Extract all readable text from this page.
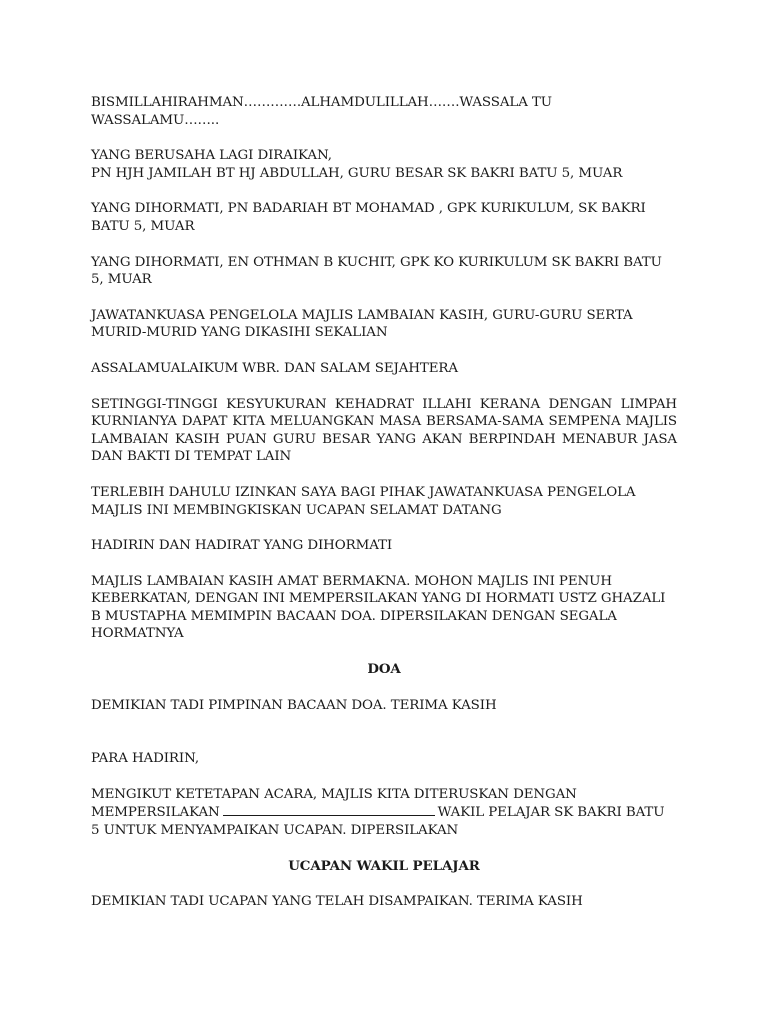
BISMILLAHIRAHMAN………….ALHAMDULILLAH…….WASSALA TU WASSALAMU……..

YANG BERUSAHA LAGI DIRAIKAN,
PN HJH JAMILAH BT HJ ABDULLAH, GURU BESAR SK BAKRI BATU 5, MUAR

YANG DIHORMATI, PN BADARIAH BT MOHAMAD , GPK KURIKULUM, SK BAKRI BATU 5, MUAR

YANG DIHORMATI, EN OTHMAN B KUCHIT, GPK KO KURIKULUM SK BAKRI BATU 5, MUAR

JAWATANKUASA PENGELOLA MAJLIS LAMBAIAN KASIH, GURU-GURU SERTA MURID-MURID YANG DIKASIHI SEKALIAN

ASSALAMUALAIKUM WBR. DAN SALAM SEJAHTERA

SETINGGI-TINGGI KESYUKURAN KEHADRAT ILLAHI KERANA DENGAN LIMPAH KURNIANYA DAPAT KITA MELUANGKAN MASA BERSAMA-SAMA SEMPENA MAJLIS LAMBAIAN KASIH PUAN GURU BESAR YANG AKAN BERPINDAH MENABUR JASA DAN BAKTI DI TEMPAT LAIN

TERLEBIH DAHULU IZINKAN SAYA BAGI PIHAK JAWATANKUASA PENGELOLA MAJLIS INI MEMBINGKISKAN UCAPAN SELAMAT DATANG

HADIRIN DAN HADIRAT YANG DIHORMATI

MAJLIS LAMBAIAN KASIH AMAT BERMAKNA. MOHON MAJLIS INI PENUH KEBERKATAN, DENGAN INI MEMPERSILAKAN YANG DI HORMATI USTZ GHAZALI B MUSTAPHA MEMIMPIN BACAAN DOA. DIPERSILAKAN DENGAN SEGALA HORMATNYA

DOA

DEMIKIAN TADI PIMPINAN BACAAN DOA. TERIMA KASIH

PARA HADIRIN,

MENGIKUT KETETAPAN ACARA, MAJLIS KITA DITERUSKAN DENGAN MEMPERSILAKAN	WAKIL PELAJAR SK BAKRI BATU 5 UNTUK MENYAMPAIKAN UCAPAN. DIPERSILAKAN

UCAPAN WAKIL PELAJAR

DEMIKIAN TADI UCAPAN YANG TELAH DISAMPAIKAN. TERIMA KASIH
